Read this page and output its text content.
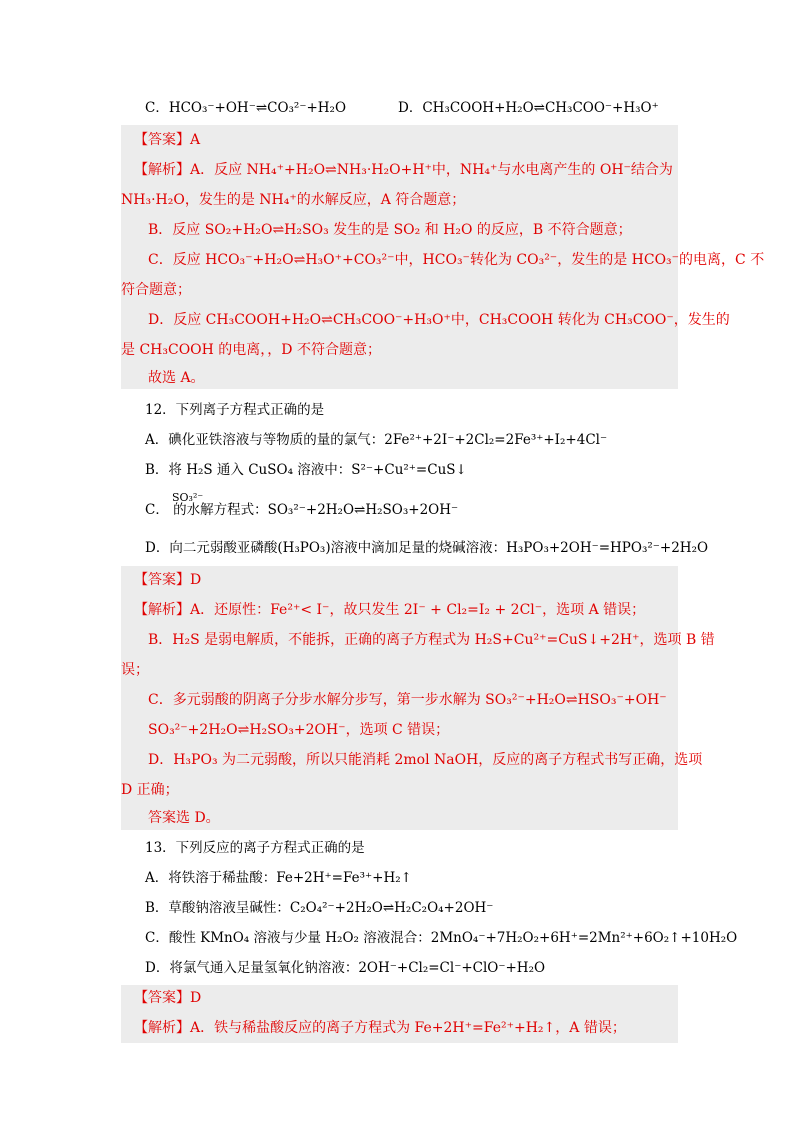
C．HCO₃⁻+OH⁻⇌CO₃²⁻+H₂O	D．CH₃COOH+H₂O⇌CH₃COO⁻+H₃O⁺
【答案】A
【解析】A．反应 NH₄⁺+H₂O⇌NH₃·H₂O+H⁺中，NH₄⁺与水电离产生的 OH⁻结合为
NH₃·H₂O，发生的是 NH₄⁺的水解反应，A 符合题意；
B．反应 SO₂+H₂O⇌H₂SO₃ 发生的是 SO₂ 和 H₂O 的反应，B 不符合题意；
C．反应 HCO₃⁻+H₂O⇌H₃O⁺+CO₃²⁻中，HCO₃⁻转化为 CO₃²⁻，发生的是 HCO₃⁻的电离，C 不
符合题意；
D．反应 CH₃COOH+H₂O⇌CH₃COO⁻+H₃O⁺中，CH₃COOH 转化为 CH₃COO⁻，发生的
是 CH₃COOH 的电离，，D 不符合题意；
故选 A。
12．下列离子方程式正确的是
A．碘化亚铁溶液与等物质的量的氯气：2Fe²⁺+2I⁻+2Cl₂=2Fe³⁺+I₂+4Cl⁻
B．将 H₂S 通入 CuSO₄ 溶液中：S²⁻+Cu²⁺=CuS↓
SO₃²⁻
C． 的水解方程式：SO₃²⁻+2H₂O⇌H₂SO₃+2OH⁻
D．向二元弱酸亚磷酸(H₃PO₃)溶液中滴加足量的烧碱溶液：H₃PO₃+2OH⁻=HPO₃²⁻+2H₂O
【答案】D
【解析】A．还原性：Fe²⁺< I⁻，故只发生 2I⁻ + Cl₂=I₂ + 2Cl⁻，选项 A 错误；
B．H₂S 是弱电解质，不能拆，正确的离子方程式为 H₂S+Cu²⁺=CuS↓+2H⁺，选项 B 错
误；
C．多元弱酸的阴离子分步水解分步写，第一步水解为 SO₃²⁻+H₂O⇌HSO₃⁻+OH⁻
SO₃²⁻+2H₂O⇌H₂SO₃+2OH⁻，选项 C 错误；
D．H₃PO₃ 为二元弱酸，所以只能消耗 2mol NaOH，反应的离子方程式书写正确，选项
D 正确；
答案选 D。
13．下列反应的离子方程式正确的是
A．将铁溶于稀盐酸：Fe+2H⁺=Fe³⁺+H₂↑
B．草酸钠溶液呈碱性：C₂O₄²⁻+2H₂O⇌H₂C₂O₄+2OH⁻
C．酸性 KMnO₄ 溶液与少量 H₂O₂ 溶液混合：2MnO₄⁻+7H₂O₂+6H⁺=2Mn²⁺+6O₂↑+10H₂O
D．将氯气通入足量氢氧化钠溶液：2OH⁻+Cl₂=Cl⁻+ClO⁻+H₂O
【答案】D
【解析】A．铁与稀盐酸反应的离子方程式为 Fe+2H⁺=Fe²⁺+H₂↑，A 错误；
